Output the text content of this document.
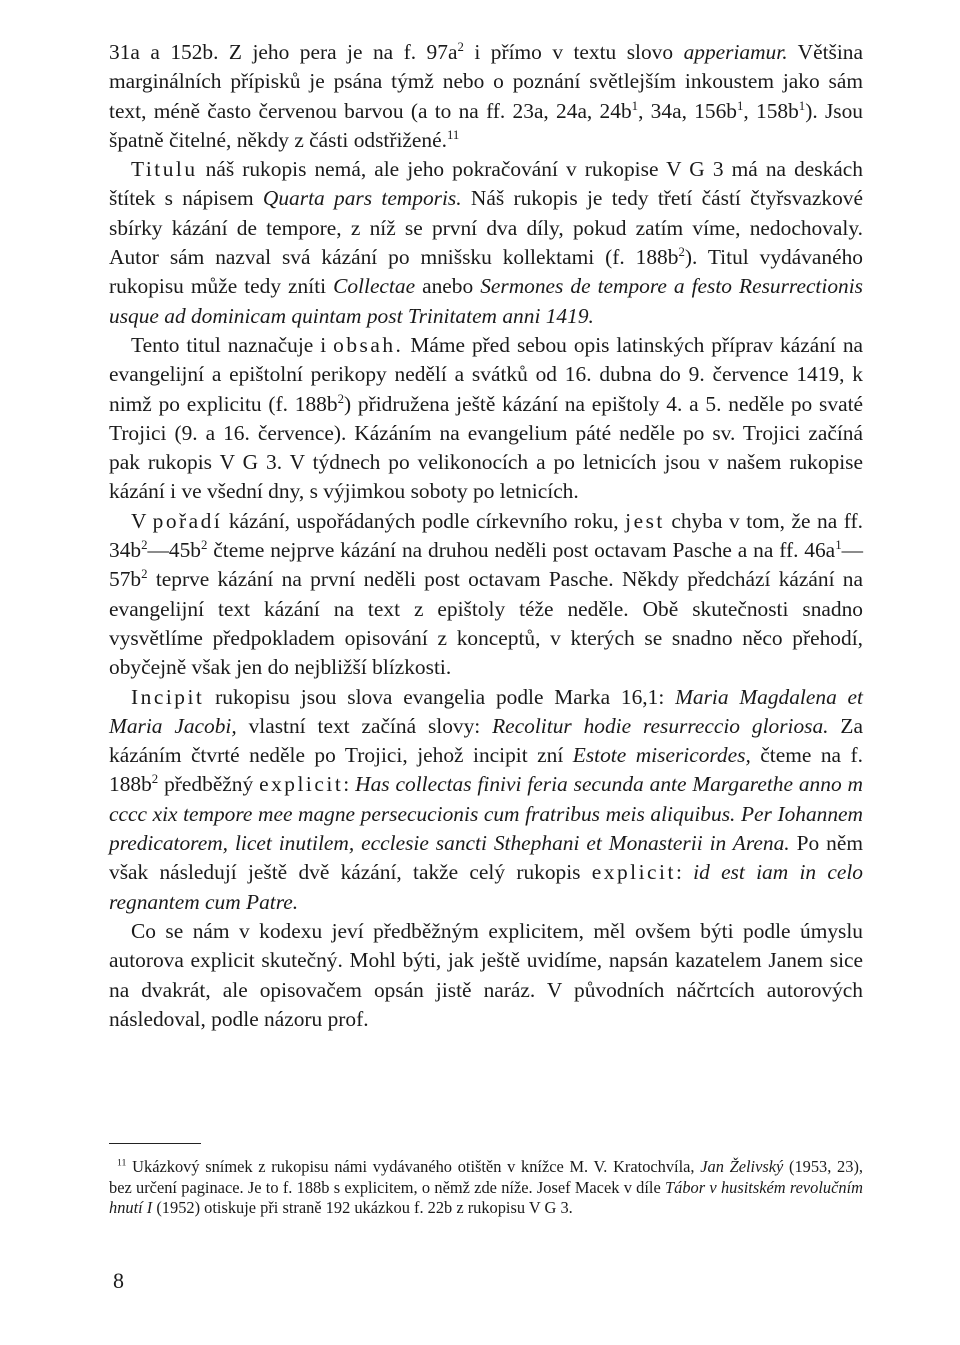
31a a 152b. Z jeho pera je na f. $97a^2$ i přímo v textu slovo apperiamur. Většina marginálních přípisků je psána týmž nebo o poznání světlejším inkoustem jako sám text, méně často červenou barvou (a to na ff. 23a, 24a, $24b^1$, 34a, $156b^1$, $158b^1$). Jsou špatně čitelné, někdy z části odstřižené.$^{11}$

Titulu náš rukopis nemá, ale jeho pokračování v rukopise V G 3 má na deskách štítek s nápisem Quarta pars temporis. Náš rukopis je tedy třetí částí čtyřsvazkové sbírky kázání de tempore, z níž se první dva díly, pokud zatím víme, nedochovaly. Autor sám nazval svá kázání po mnišsku kollektami (f. $188b^2$). Titul vydávaného rukopisu může tedy zníti Collectae anebo Sermones de tempore a festo Resurrectionis usque ad dominicam quintam post Trinitatem anni 1419.

Tento titul naznačuje i obsah. Máme před sebou opis latinských příprav kázání na evangelijní a epištolní perikopy nedělí a svátků od 16. dubna do 9. července 1419, k nimž po explicitu (f. $188b^2$) přidružena ještě kázání na epištoly 4. a 5. neděle po svaté Trojici (9. a 16. července). Kázáním na evangelium páté neděle po sv. Trojici začíná pak rukopis V G 3. V týdnech po velikonocích a po letnicích jsou v našem rukopise kázání i ve všední dny, s výjimkou soboty po letnicích.

V pořadí kázání, uspořádaných podle církevního roku, jest chyba v tom, že na ff. $34b^2—45b^2$ čteme nejprve kázání na druhou neděli post octavam Pasche a na ff. $46a^1—57b^2$ teprve kázání na první neděli post octavam Pasche. Někdy předchází kázání na evangelijní text kázání na text z epištoly téže neděle. Obě skutečnosti snadno vysvětlíme předpokladem opisování z konceptů, v kterých se snadno něco přehodí, obyčejně však jen do nejbližší blízkosti.

Incipit rukopisu jsou slova evangelia podle Marka 16,1: Maria Magdalena et Maria Jacobi, vlastní text začíná slovy: Recolitur hodie resurreccio gloriosa. Za kázáním čtvrté neděle po Trojici, jehož incipit zní Estote misericordes, čteme na f. $188b^2$ předběžný explicit: Has collectas finivi feria secunda ante Margarethe anno m cccc xix tempore mee magne persecucionis cum fratribus meis aliquibus. Per Iohannem predicatorem, licet inutilem, ecclesie sancti Sthephani et Monasterii in Arena. Po něm však následují ještě dvě kázání, takže celý rukopis explicit: id est iam in celo regnantem cum Patre.

Co se nám v kodexu jeví předběžným explicitem, měl ovšem býti podle úmyslu autorova explicit skutečný. Mohl býti, jak ještě uvidíme, napsán kazatelem Janem sice na dvakrát, ale opisovačem opsán jistě naráz. V původních náčrtcích autorových následoval, podle názoru prof.

$^{11}$ Ukázkový snímek z rukopisu námi vydávaného otištěn v knížce M. V. Kratochvíla, Jan Želivský (1953, 23), bez určení paginace. Je to f. 188b s explicitem, o němž zde níže. Josef Macek v díle Tábor v husitském revolučním hnutí I (1952) otiskuje při straně 192 ukázkou f. 22b z rukopisu V G 3.

8
